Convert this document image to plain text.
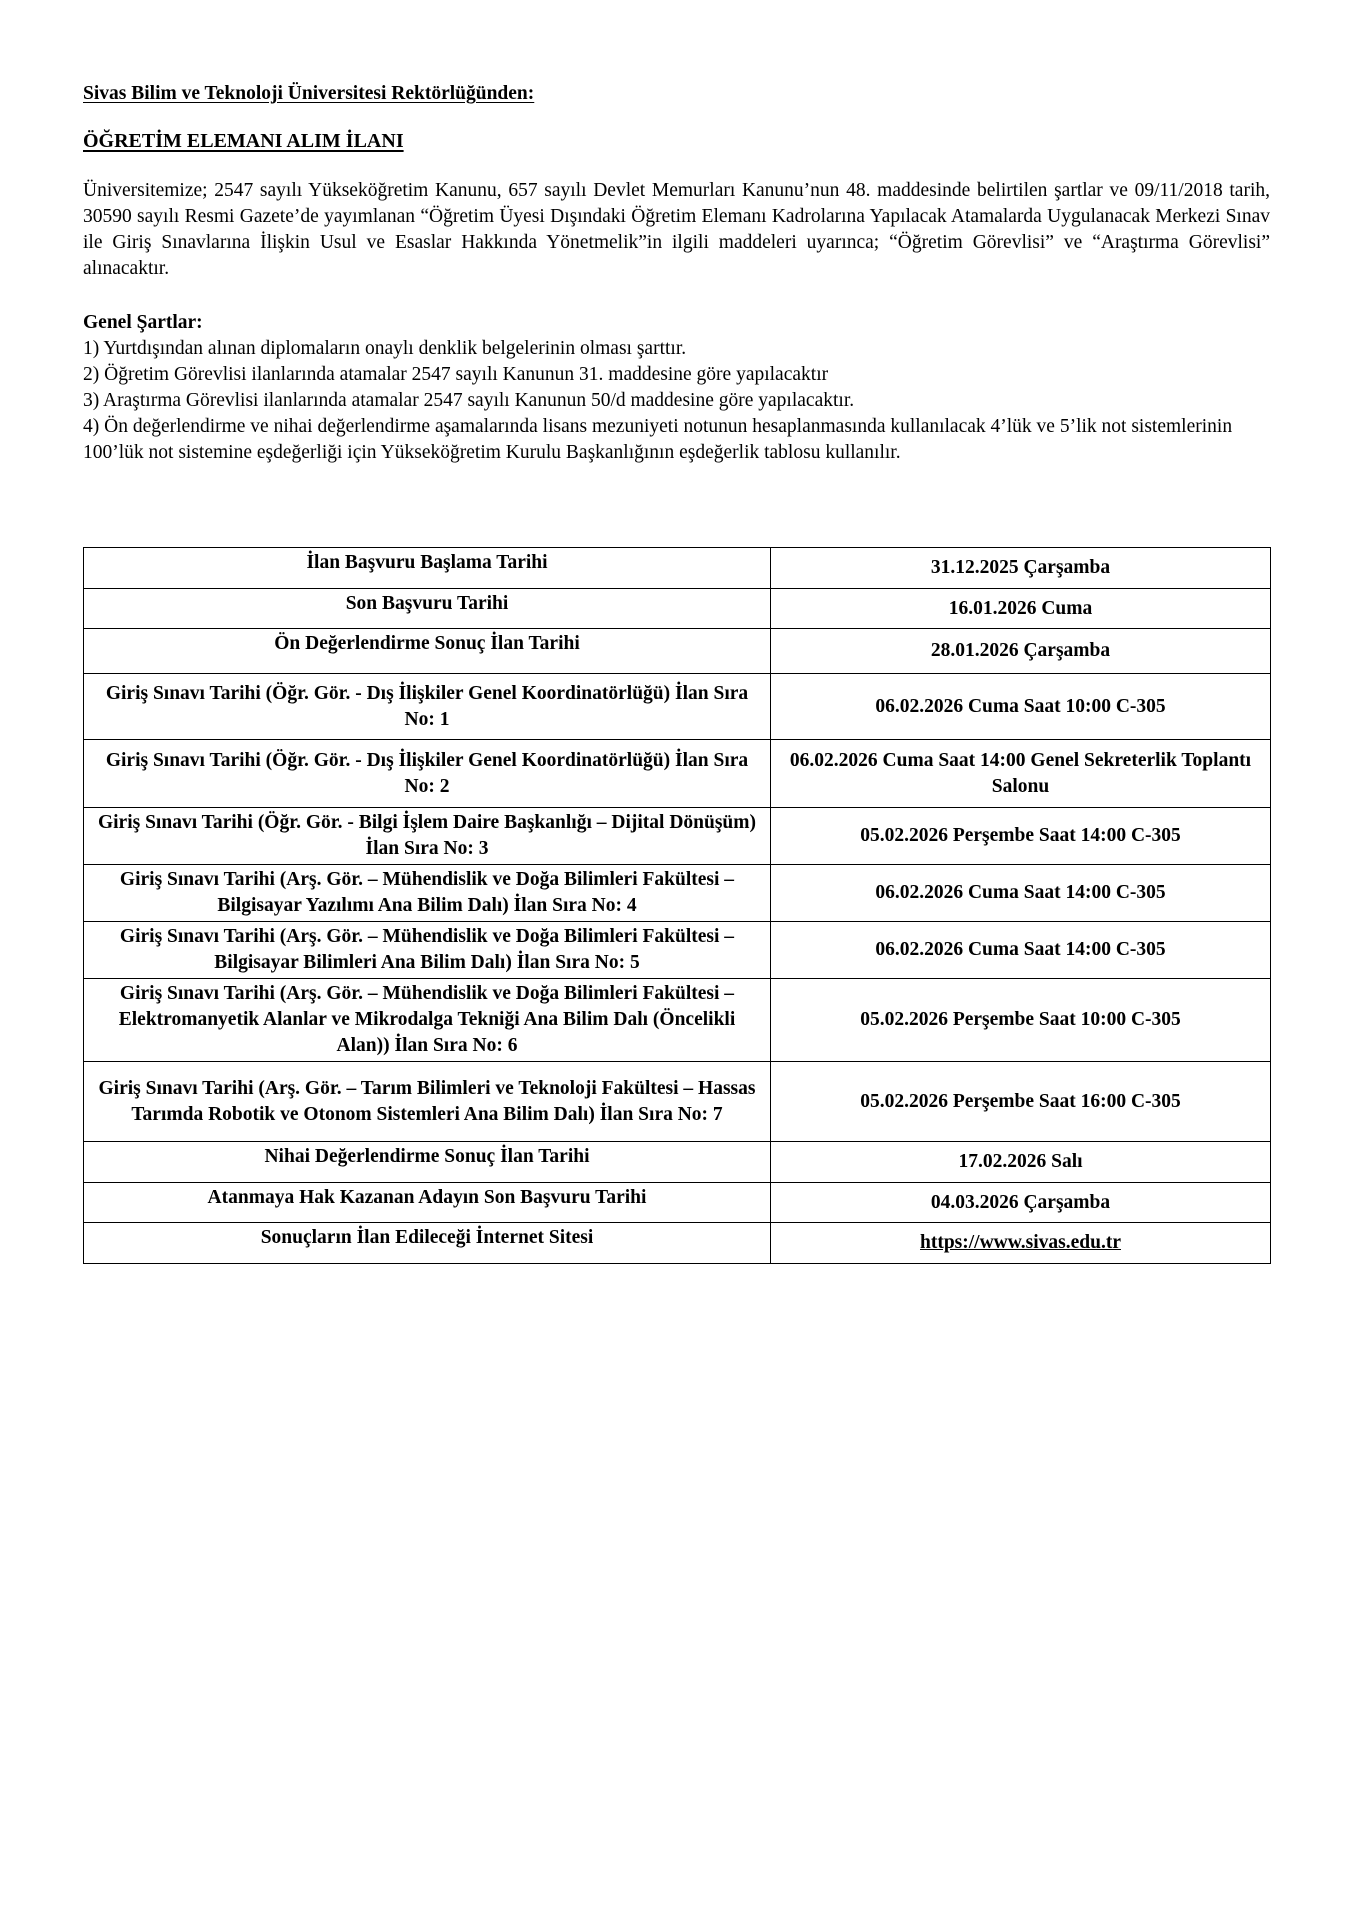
Sivas Bilim ve Teknoloji Üniversitesi Rektörlüğünden:
ÖĞRETİM ELEMANI ALIM İLANI

Üniversitemize; 2547 sayılı Yükseköğretim Kanunu, 657 sayılı Devlet Memurları Kanunu’nun 48. maddesinde belirtilen şartlar ve 09/11/2018 tarih, 30590 sayılı Resmi Gazete’de yayımlanan “Öğretim Üyesi Dışındaki Öğretim Elemanı Kadrolarına Yapılacak Atamalarda Uygulanacak Merkezi Sınav ile Giriş Sınavlarına İlişkin Usul ve Esaslar Hakkında Yönetmelik”in ilgili maddeleri uyarınca; “Öğretim Görevlisi” ve “Araştırma Görevlisi” alınacaktır.

Genel Şartlar:
1) Yurtdışından alınan diplomaların onaylı denklik belgelerinin olması şarttır.
2) Öğretim Görevlisi ilanlarında atamalar 2547 sayılı Kanunun 31. maddesine göre yapılacaktır
3) Araştırma Görevlisi ilanlarında atamalar 2547 sayılı Kanunun 50/d maddesine göre yapılacaktır.
4) Ön değerlendirme ve nihai değerlendirme aşamalarında lisans mezuniyeti notunun hesaplanmasında kullanılacak 4’lük ve 5’lik not sistemlerinin 100’lük not sistemine eşdeğerliği için Yükseköğretim Kurulu Başkanlığının eşdeğerlik tablosu kullanılır.
İlan Başvuru Başlama Tarihi	31.12.2025 Çarşamba
Son Başvuru Tarihi	16.01.2026 Cuma
Ön Değerlendirme Sonuç İlan Tarihi	28.01.2026 Çarşamba
Giriş Sınavı Tarihi (Öğr. Gör. - Dış İlişkiler Genel Koordinatörlüğü) İlan Sıra No: 1	06.02.2026 Cuma Saat 10:00 C-305
Giriş Sınavı Tarihi (Öğr. Gör. - Dış İlişkiler Genel Koordinatörlüğü) İlan Sıra No: 2	06.02.2026 Cuma Saat 14:00 Genel Sekreterlik Toplantı Salonu
Giriş Sınavı Tarihi (Öğr. Gör. - Bilgi İşlem Daire Başkanlığı – Dijital Dönüşüm) İlan Sıra No: 3	05.02.2026 Perşembe Saat 14:00 C-305
Giriş Sınavı Tarihi (Arş. Gör. – Mühendislik ve Doğa Bilimleri Fakültesi – Bilgisayar Yazılımı Ana Bilim Dalı) İlan Sıra No: 4	06.02.2026 Cuma Saat 14:00 C-305
Giriş Sınavı Tarihi (Arş. Gör. – Mühendislik ve Doğa Bilimleri Fakültesi – Bilgisayar Bilimleri Ana Bilim Dalı) İlan Sıra No: 5	06.02.2026 Cuma Saat 14:00 C-305
Giriş Sınavı Tarihi (Arş. Gör. – Mühendislik ve Doğa Bilimleri Fakültesi – Elektromanyetik Alanlar ve Mikrodalga Tekniği Ana Bilim Dalı (Öncelikli Alan)) İlan Sıra No: 6	05.02.2026 Perşembe Saat 10:00 C-305
Giriş Sınavı Tarihi (Arş. Gör. – Tarım Bilimleri ve Teknoloji Fakültesi – Hassas Tarımda Robotik ve Otonom Sistemleri Ana Bilim Dalı) İlan Sıra No: 7	05.02.2026 Perşembe Saat 16:00 C-305
Nihai Değerlendirme Sonuç İlan Tarihi	17.02.2026 Salı
Atanmaya Hak Kazanan Adayın Son Başvuru Tarihi	04.03.2026 Çarşamba
Sonuçların İlan Edileceği İnternet Sitesi	https://www.sivas.edu.tr
